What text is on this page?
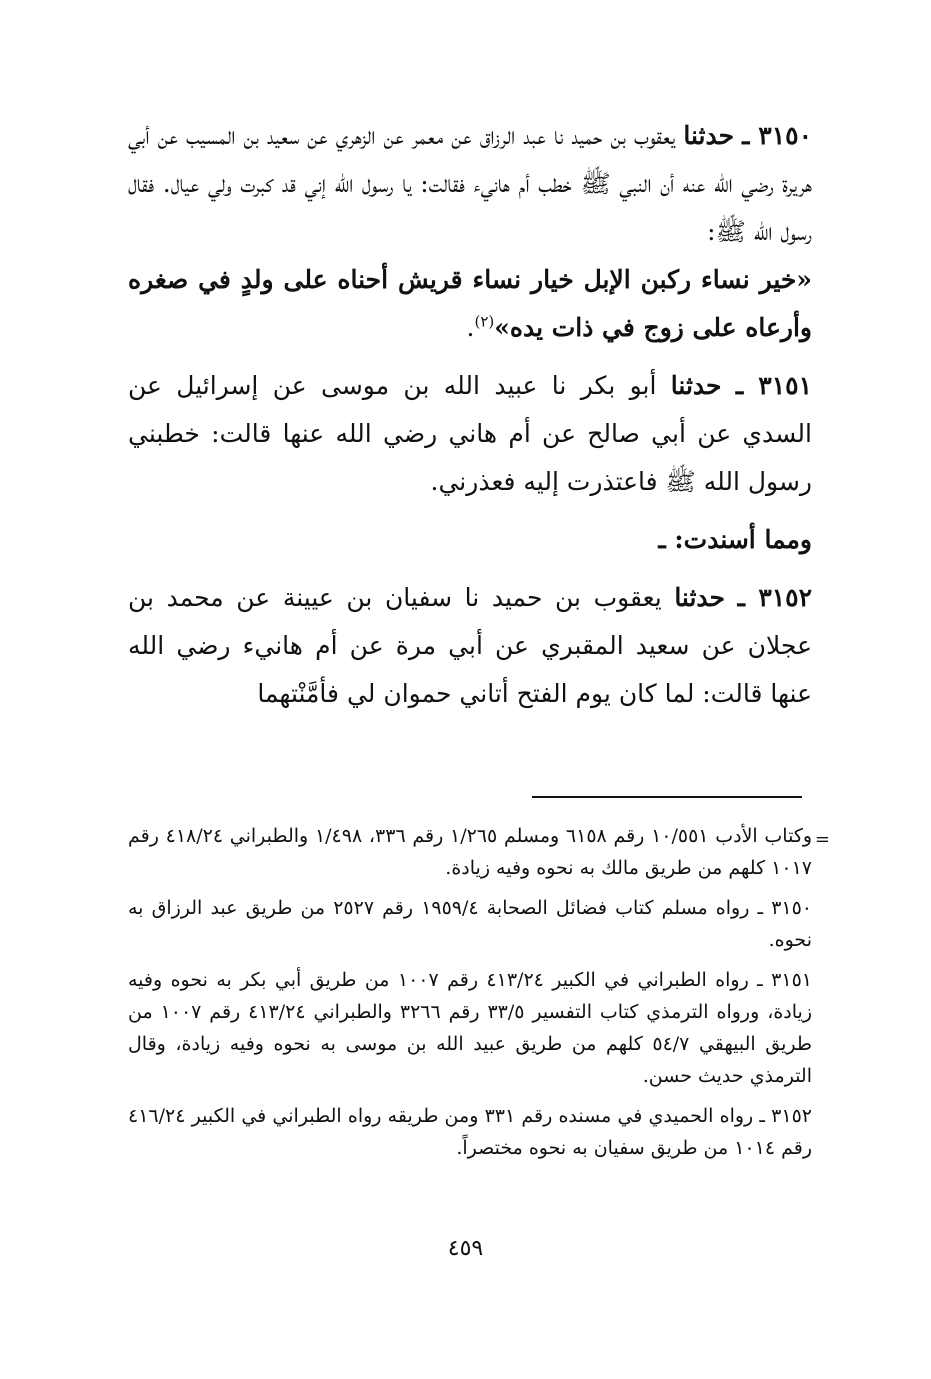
٣١٥٠ ـ حدثنا يعقوب بن حميد نا عبد الرزاق عن معمر عن الزهري عن سعيد بن المسيب عن أبي هريرة رضي الله عنه أن النبي ﷺ خطب أم هانيء فقالت: يا رسول الله إني قد كبرت ولي عيال. فقال رسول الله ﷺ:
«خير نساء ركبن الإبل خيار نساء قريش أحناه على ولدٍ في صغره وأرعاه على زوج في ذات يده»$^{(٢)}$.

٣١٥١ ـ حدثنا أبو بكر نا عبيد الله بن موسى عن إسرائيل عن السدي عن أبي صالح عن أم هاني رضي الله عنها قالت: خطبني رسول الله ﷺ فاعتذرت إليه فعذرني.

ومما أسندت: ـ

٣١٥٢ ـ حدثنا يعقوب بن حميد نا سفيان بن عيينة عن محمد بن عجلان عن سعيد المقبري عن أبي مرة عن أم هانيء رضي الله عنها قالت: لما كان يوم الفتح أتاني حموان لي فأمَّنْتهما

=
وكتاب الأدب ١٠/٥٥١ رقم ٦١٥٨ ومسلم ١/٢٦٥ رقم ٣٣٦، ١/٤٩٨ والطبراني ٤١٨/٢٤ رقم ١٠١٧ كلهم من طريق مالك به نحوه وفيه زيادة.

٣١٥٠ ـ رواه مسلم كتاب فضائل الصحابة ١٩٥٩/٤ رقم ٢٥٢٧ من طريق عبد الرزاق به نحوه.

٣١٥١ ـ رواه الطبراني في الكبير ٤١٣/٢٤ رقم ١٠٠٧ من طريق أبي بكر به نحوه وفيه زيادة، ورواه الترمذي كتاب التفسير ٣٣/٥ رقم ٣٢٦٦ والطبراني ٤١٣/٢٤ رقم ١٠٠٧ من طريق البيهقي ٥٤/٧ كلهم من طريق عبيد الله بن موسى به نحوه وفيه زيادة، وقال الترمذي حديث حسن.

٣١٥٢ ـ رواه الحميدي في مسنده رقم ٣٣١ ومن طريقه رواه الطبراني في الكبير ٤١٦/٢٤ رقم ١٠١٤ من طريق سفيان به نحوه مختصراً.

٤٥٩
